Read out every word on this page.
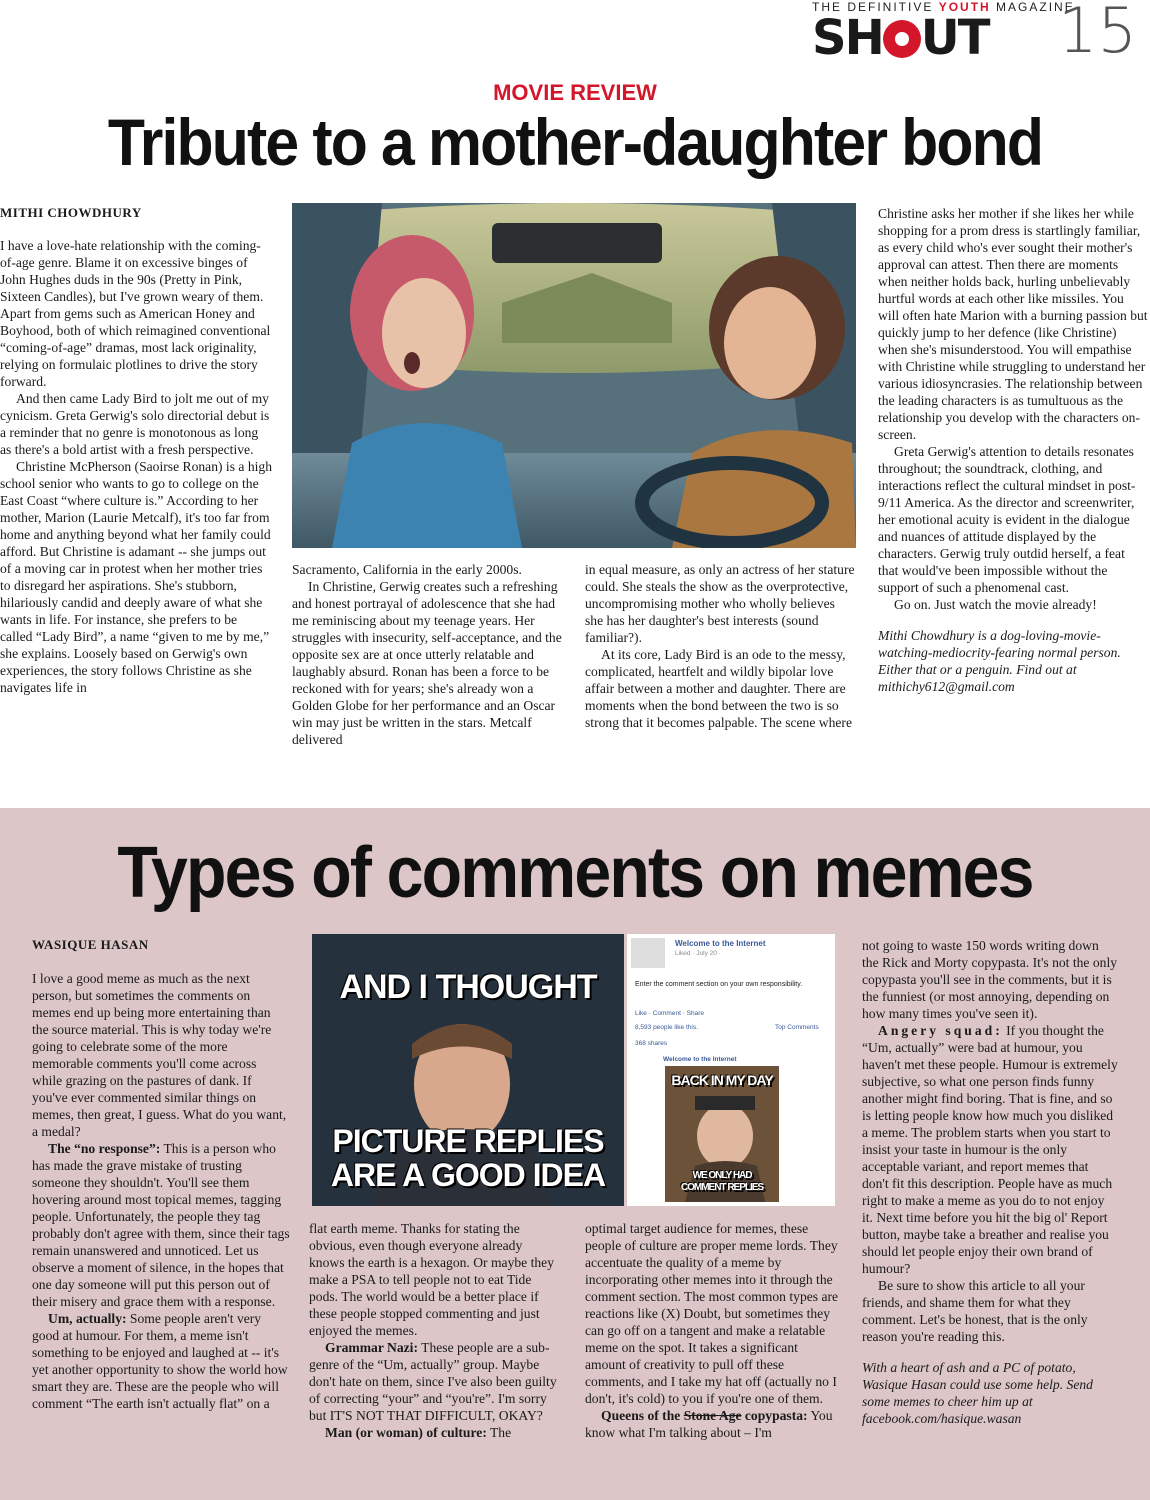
THE DEFINITIVE YOUTH MAGAZINE
SH UT	15
MOVIE REVIEW
Tribute to a mother-daughter bond
MITHI CHOWDHURY

I have a love-hate relationship with the coming-of-age genre. Blame it on excessive binges of John Hughes duds in the 90s (Pretty in Pink, Sixteen Candles), but I've grown weary of them. Apart from gems such as American Honey and Boyhood, both of which reimagined conventional “coming-of-age” dramas, most lack originality, relying on formulaic plotlines to drive the story forward.

And then came Lady Bird to jolt me out of my cynicism. Greta Gerwig's solo directorial debut is a reminder that no genre is monotonous as long as there's a bold artist with a fresh perspective.

Christine McPherson (Saoirse Ronan) is a high school senior who wants to go to college on the East Coast “where culture is.” According to her mother, Marion (Laurie Metcalf), it's too far from home and anything beyond what her family could afford. But Christine is adamant -- she jumps out of a moving car in protest when her mother tries to disregard her aspirations. She's stubborn, hilariously candid and deeply aware of what she wants in life. For instance, she prefers to be called “Lady Bird”, a name “given to me by me,” she explains. Loosely based on Gerwig's own experiences, the story follows Christine as she navigates life in

Sacramento, California in the early 2000s.

In Christine, Gerwig creates such a refreshing and honest portrayal of adolescence that she had me reminiscing about my teenage years. Her struggles with insecurity, self-acceptance, and the opposite sex are at once utterly relatable and laughably absurd. Ronan has been a force to be reckoned with for years; she's already won a Golden Globe for her performance and an Oscar win may just be written in the stars. Metcalf delivered

in equal measure, as only an actress of her stature could. She steals the show as the overprotective, uncompromising mother who wholly believes she has her daughter's best interests (sound familiar?).

At its core, Lady Bird is an ode to the messy, complicated, heartfelt and wildly bipolar love affair between a mother and daughter. There are moments when the bond between the two is so strong that it becomes palpable. The scene where

Christine asks her mother if she likes her while shopping for a prom dress is startlingly familiar, as every child who's ever sought their mother's approval can attest. Then there are moments when neither holds back, hurling unbelievably hurtful words at each other like missiles. You will often hate Marion with a burning passion but quickly jump to her defence (like Christine) when she's misunderstood. You will empathise with Christine while struggling to understand her various idiosyncrasies. The relationship between the leading characters is as tumultuous as the relationship you develop with the characters on-screen.

Greta Gerwig's attention to details resonates throughout; the soundtrack, clothing, and interactions reflect the cultural mindset in post-9/11 America. As the director and screenwriter, her emotional acuity is evident in the dialogue and nuances of attitude displayed by the characters. Gerwig truly outdid herself, a feat that would've been impossible without the support of such a phenomenal cast.

Go on. Just watch the movie already!

Mithi Chowdhury is a dog-loving-movie-watching-mediocrity-fearing normal person. Either that or a penguin. Find out at mithichy612@gmail.com

Types of comments on memes
WASIQUE HASAN

I love a good meme as much as the next person, but sometimes the comments on memes end up being more entertaining than the source material. This is why today we're going to celebrate some of the more memorable comments you'll come across while grazing on the pastures of dank. If you've ever commented similar things on memes, then great, I guess. What do you want, a medal?

The “no response”: This is a person who has made the grave mistake of trusting someone they shouldn't. You'll see them hovering around most topical memes, tagging people. Unfortunately, the people they tag probably don't agree with them, since their tags remain unanswered and unnoticed. Let us observe a moment of silence, in the hopes that one day someone will put this person out of their misery and grace them with a response.

Um, actually: Some people aren't very good at humour. For them, a meme isn't something to be enjoyed and laughed at -- it's yet another opportunity to show the world how smart they are. These are the people who will comment “The earth isn't actually flat” on a

AND I THOUGHT
PICTURE REPLIES
ARE A GOOD IDEA
Welcome to the Internet
Liked · July 20 ·
Enter the comment section on your own responsibility.
Like · Comment · Share
8,593 people like this.	Top Comments
368 shares
Welcome to the Internet
BACK IN MY DAY
WE ONLY HAD
COMMENT REPLIES

flat earth meme. Thanks for stating the obvious, even though everyone already knows the earth is a hexagon. Or maybe they make a PSA to tell people not to eat Tide pods. The world would be a better place if these people stopped commenting and just enjoyed the memes.

Grammar Nazi: These people are a sub-genre of the “Um, actually” group. Maybe don't hate on them, since I've also been guilty of correcting “your” and “you're”. I'm sorry but IT'S NOT THAT DIFFICULT, OKAY?

Man (or woman) of culture: The

optimal target audience for memes, these people of culture are proper meme lords. They accentuate the quality of a meme by incorporating other memes into it through the comment section. The most common types are reactions like (X) Doubt, but sometimes they can go off on a tangent and make a relatable meme on the spot. It takes a significant amount of creativity to pull off these comments, and I take my hat off (actually no I don't, it's cold) to you if you're one of them.

Queens of the Stone Age copypasta: You know what I'm talking about – I'm

not going to waste 150 words writing down the Rick and Morty copypasta. It's not the only copypasta you'll see in the comments, but it is the funniest (or most annoying, depending on how many times you've seen it).

Angery squad: If you thought the “Um, actually” were bad at humour, you haven't met these people. Humour is extremely subjective, so what one person finds funny another might find boring. That is fine, and so is letting people know how much you disliked a meme. The problem starts when you start to insist your taste in humour is the only acceptable variant, and report memes that don't fit this description. People have as much right to make a meme as you do to not enjoy it. Next time before you hit the big ol' Report button, maybe take a breather and realise you should let people enjoy their own brand of humour?

Be sure to show this article to all your friends, and shame them for what they comment. Let's be honest, that is the only reason you're reading this.

With a heart of ash and a PC of potato, Wasique Hasan could use some help. Send some memes to cheer him up at facebook.com/hasique.wasan
